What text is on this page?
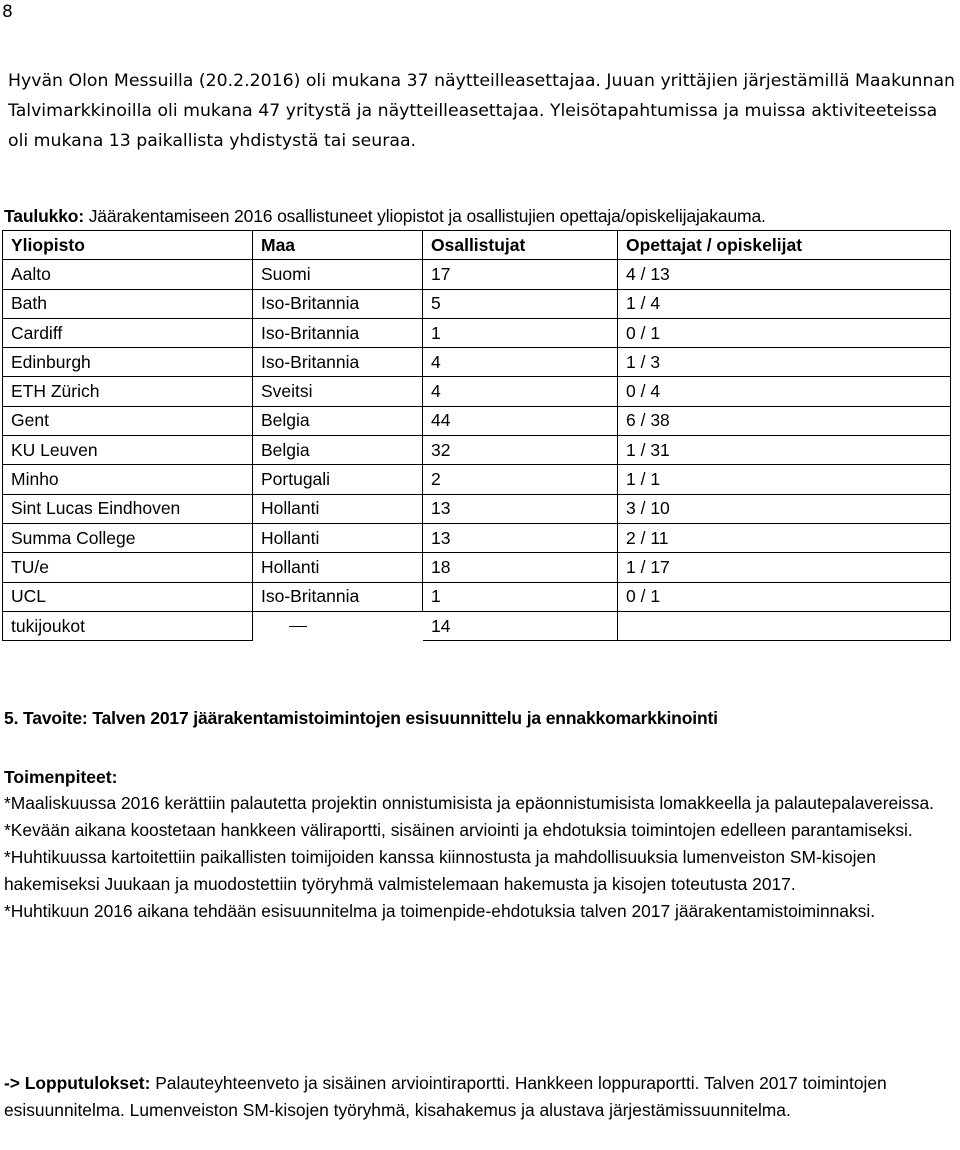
8
Hyvän Olon Messuilla (20.2.2016) oli mukana 37 näytteilleasettajaa. Juuan yrittäjien järjestämillä Maakunnan Talvimarkkinoilla oli mukana 47 yritystä ja näytteilleasettajaa. Yleisötapahtumissa ja muissa aktiviteeteissa oli mukana 13 paikallista yhdistystä tai seuraa.
Taulukko: Jäärakentamiseen 2016 osallistuneet yliopistot ja osallistujien opettaja/opiskelijajakauma.
Yliopisto	Maa	Osallistujat	Opettajat / opiskelijat
Aalto	Suomi	17	4 / 13
Bath	Iso-Britannia	5	1 / 4
Cardiff	Iso-Britannia	1	0 / 1
Edinburgh	Iso-Britannia	4	1 / 3
ETH Zürich	Sveitsi	4	0 / 4
Gent	Belgia	44	6 / 38
KU Leuven	Belgia	32	1 / 31
Minho	Portugali	2	1 / 1
Sint Lucas Eindhoven	Hollanti	13	3 / 10
Summa College	Hollanti	13	2 / 11
TU/e	Hollanti	18	1 / 17
UCL	Iso-Britannia	1	0 / 1
tukijoukot		14	
5. Tavoite: Talven 2017 jäärakentamistoimintojen esisuunnittelu ja ennakkomarkkinointi
Toimenpiteet:

*Maaliskuussa 2016 kerättiin palautetta projektin onnistumisista ja epäonnistumisista lomakkeella ja palautepalavereissa.

*Kevään aikana koostetaan hankkeen väliraportti, sisäinen arviointi ja ehdotuksia toimintojen edelleen parantamiseksi.

*Huhtikuussa kartoitettiin paikallisten toimijoiden kanssa kiinnostusta ja mahdollisuuksia lumenveiston SM-kisojen hakemiseksi Juukaan ja muodostettiin työryhmä valmistelemaan hakemusta ja kisojen toteutusta 2017.

*Huhtikuun 2016 aikana tehdään esisuunnitelma ja toimenpide-ehdotuksia talven 2017 jäärakentamistoiminnaksi.

-> Lopputulokset: Palauteyhteenveto ja sisäinen arviointiraportti. Hankkeen loppuraportti. Talven 2017 toimintojen esisuunnitelma. Lumenveiston SM-kisojen työryhmä, kisahakemus ja alustava järjestämissuunnitelma.
